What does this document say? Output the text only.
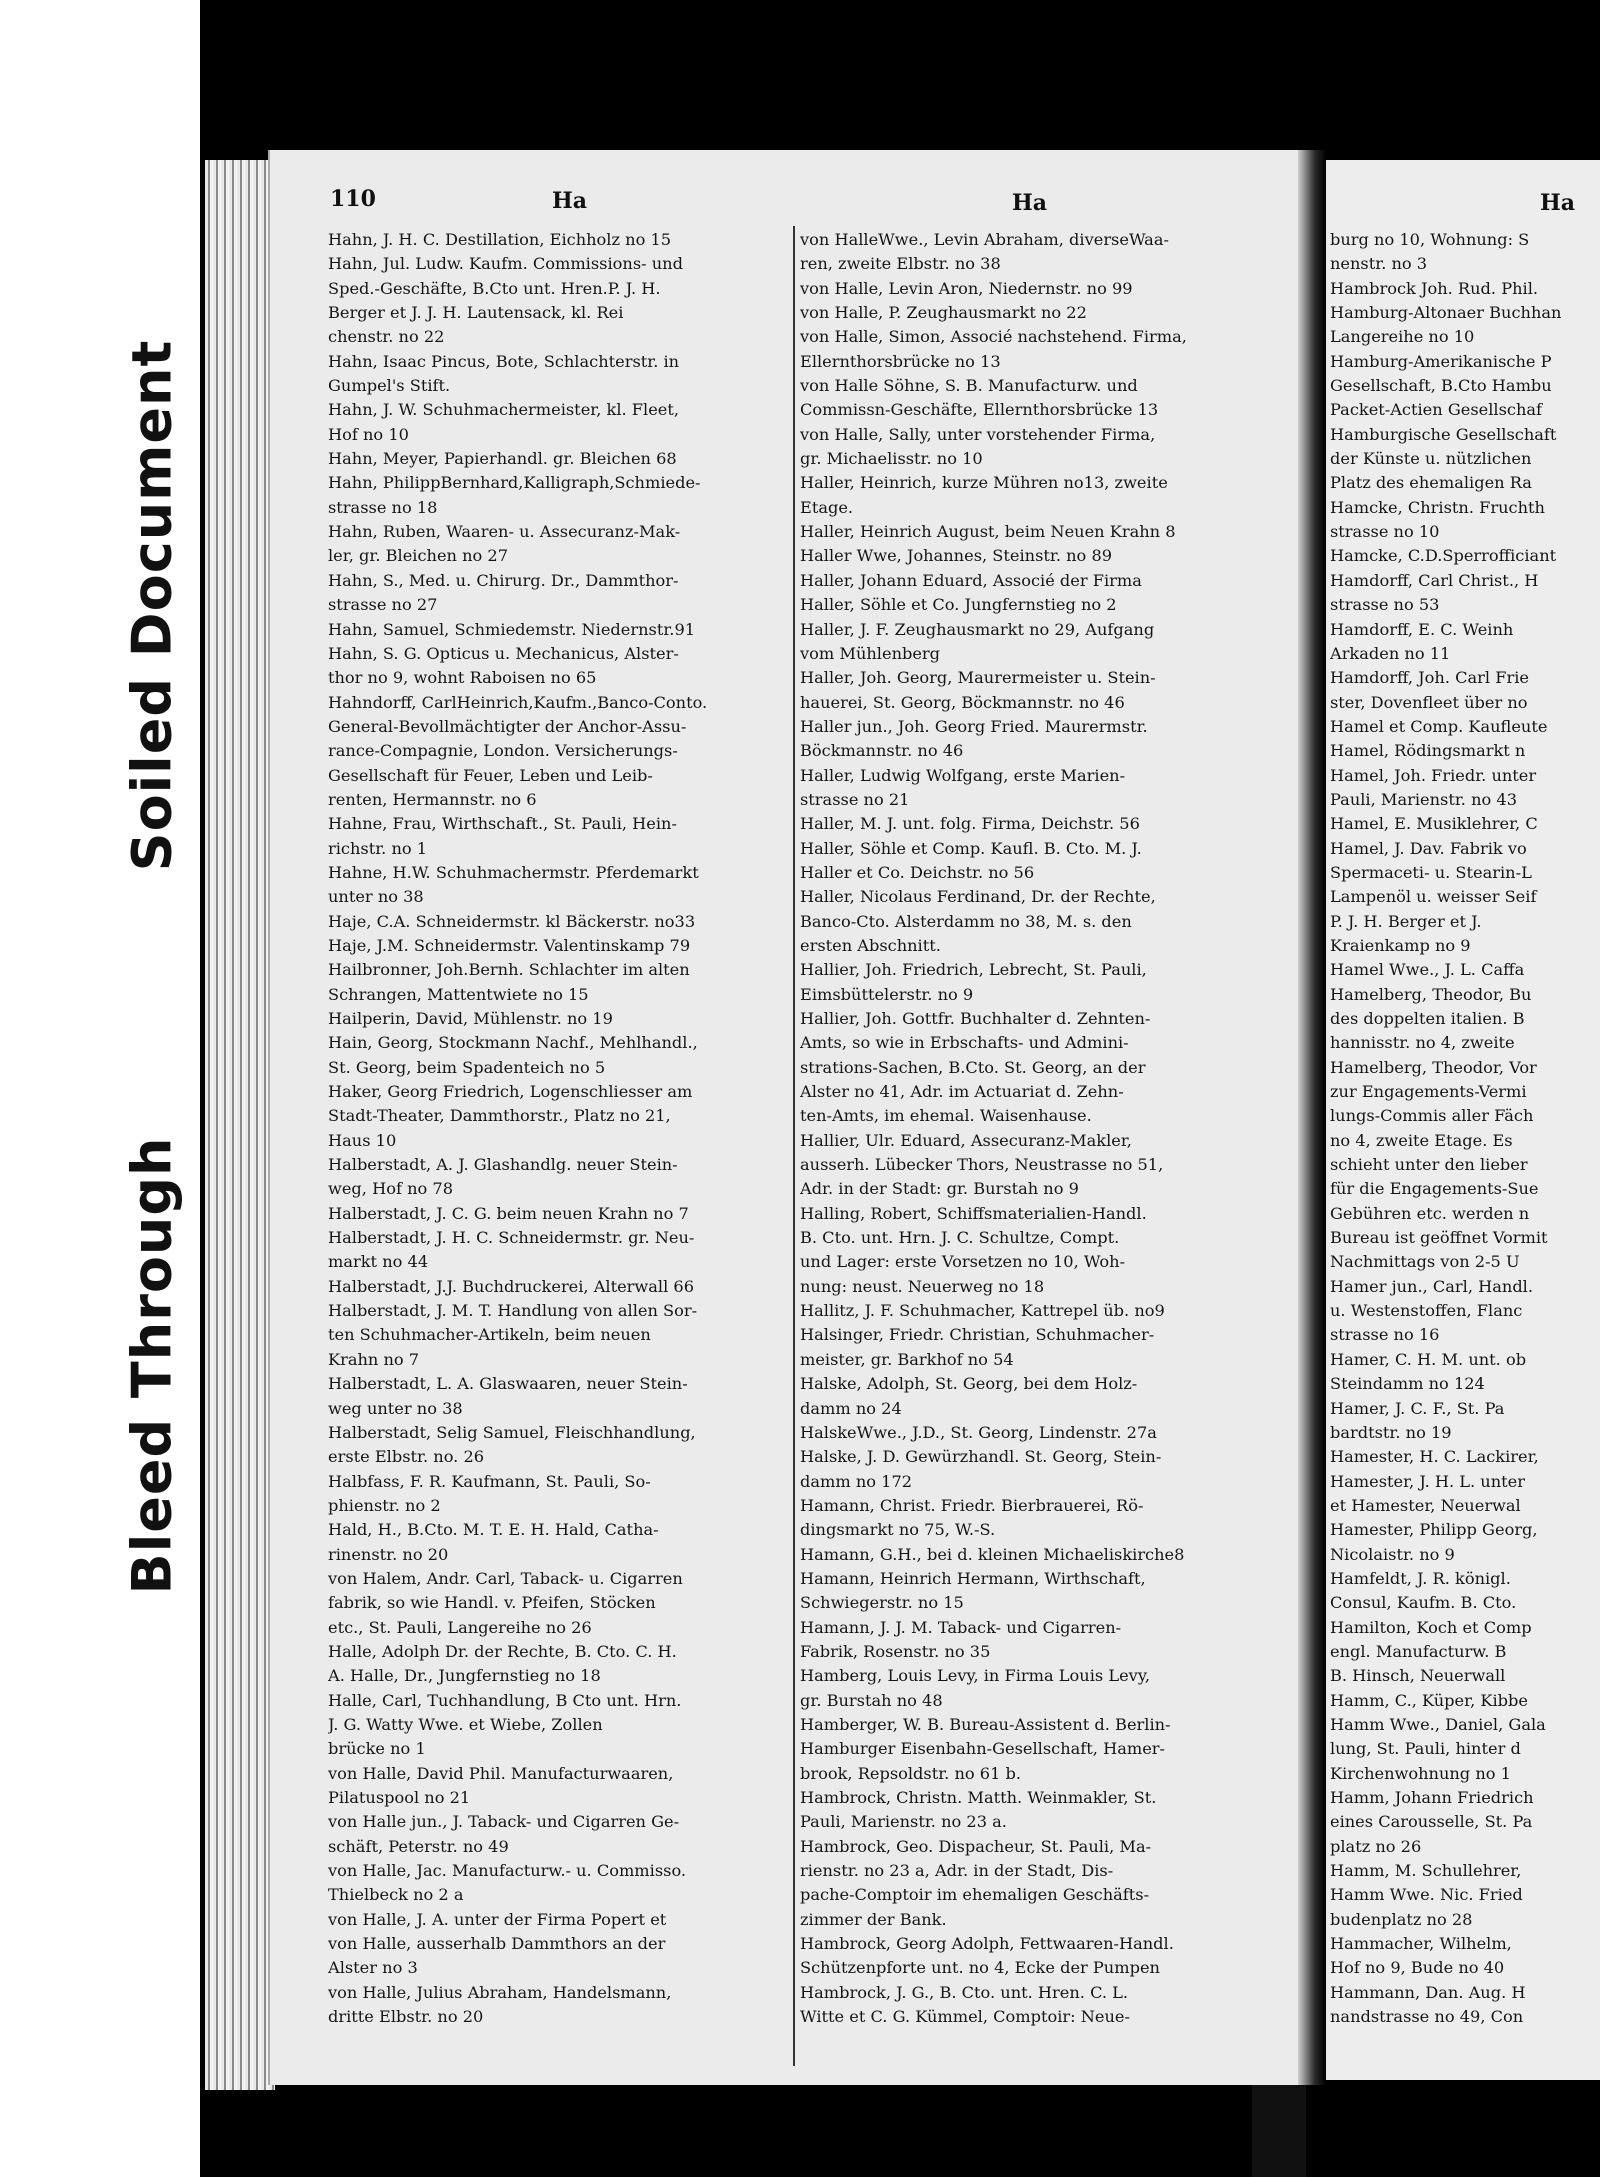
Soiled Document
Bleed Through
110	Ha	Ha	Ha
Hahn, J. H. C. Destillation, Eichholz no 15
Hahn, Jul. Ludw. Kaufm. Commissions- und
Sped.-Geschäfte, B.Cto unt. Hren.P. J. H.
Berger et J. J. H. Lautensack, kl. Rei
chenstr. no 22
Hahn, Isaac Pincus, Bote, Schlachterstr. in
Gumpel's Stift.
Hahn, J. W. Schuhmachermeister, kl. Fleet,
Hof no 10
Hahn, Meyer, Papierhandl. gr. Bleichen 68
Hahn, PhilippBernhard,Kalligraph,Schmiede-
strasse no 18
Hahn, Ruben, Waaren- u. Assecuranz-Mak-
ler, gr. Bleichen no 27
Hahn, S., Med. u. Chirurg. Dr., Dammthor-
strasse no 27
Hahn, Samuel, Schmiedemstr. Niedernstr.91
Hahn, S. G. Opticus u. Mechanicus, Alster-
thor no 9, wohnt Raboisen no 65
Hahndorff, CarlHeinrich,Kaufm.,Banco-Conto.
General-Bevollmächtigter der Anchor-Assu-
rance-Compagnie, London. Versicherungs-
Gesellschaft für Feuer, Leben und Leib-
renten, Hermannstr. no 6
Hahne, Frau, Wirthschaft., St. Pauli, Hein-
richstr. no 1
Hahne, H.W. Schuhmachermstr. Pferdemarkt
unter no 38
Haje, C.A. Schneidermstr. kl Bäckerstr. no33
Haje, J.M. Schneidermstr. Valentinskamp 79
Hailbronner, Joh.Bernh. Schlachter im alten
Schrangen, Mattentwiete no 15
Hailperin, David, Mühlenstr. no 19
Hain, Georg, Stockmann Nachf., Mehlhandl.,
St. Georg, beim Spadenteich no 5
Haker, Georg Friedrich, Logenschliesser am
Stadt-Theater, Dammthorstr., Platz no 21,
Haus 10
Halberstadt, A. J. Glashandlg. neuer Stein-
weg, Hof no 78
Halberstadt, J. C. G. beim neuen Krahn no 7
Halberstadt, J. H. C. Schneidermstr. gr. Neu-
markt no 44
Halberstadt, J.J. Buchdruckerei, Alterwall 66
Halberstadt, J. M. T. Handlung von allen Sor-
ten Schuhmacher-Artikeln, beim neuen
Krahn no 7
Halberstadt, L. A. Glaswaaren, neuer Stein-
weg unter no 38
Halberstadt, Selig Samuel, Fleischhandlung,
erste Elbstr. no. 26
Halbfass, F. R. Kaufmann, St. Pauli, So-
phienstr. no 2
Hald, H., B.Cto. M. T. E. H. Hald, Catha-
rinenstr. no 20
von Halem, Andr. Carl, Taback- u. Cigarren
fabrik, so wie Handl. v. Pfeifen, Stöcken
etc., St. Pauli, Langereihe no 26
Halle, Adolph Dr. der Rechte, B. Cto. C. H.
A. Halle, Dr., Jungfernstieg no 18
Halle, Carl, Tuchhandlung, B Cto unt. Hrn.
J. G. Watty Wwe. et Wiebe, Zollen
brücke no 1
von Halle, David Phil. Manufacturwaaren,
Pilatuspool no 21
von Halle jun., J. Taback- und Cigarren Ge-
schäft, Peterstr. no 49
von Halle, Jac. Manufacturw.- u. Commisso.
Thielbeck no 2 a
von Halle, J. A. unter der Firma Popert et
von Halle, ausserhalb Dammthors an der
Alster no 3
von Halle, Julius Abraham, Handelsmann,
dritte Elbstr. no 20
von HalleWwe., Levin Abraham, diverseWaa-
ren, zweite Elbstr. no 38
von Halle, Levin Aron, Niedernstr. no 99
von Halle, P. Zeughausmarkt no 22
von Halle, Simon, Associé nachstehend. Firma,
Ellernthorsbrücke no 13
von Halle Söhne, S. B. Manufacturw. und
Commissn-Geschäfte, Ellernthorsbrücke 13
von Halle, Sally, unter vorstehender Firma,
gr. Michaelisstr. no 10
Haller, Heinrich, kurze Mühren no13, zweite
Etage.
Haller, Heinrich August, beim Neuen Krahn 8
Haller Wwe, Johannes, Steinstr. no 89
Haller, Johann Eduard, Associé der Firma
Haller, Söhle et Co. Jungfernstieg no 2
Haller, J. F. Zeughausmarkt no 29, Aufgang
vom Mühlenberg
Haller, Joh. Georg, Maurermeister u. Stein-
hauerei, St. Georg, Böckmannstr. no 46
Haller jun., Joh. Georg Fried. Maurermstr.
Böckmannstr. no 46
Haller, Ludwig Wolfgang, erste Marien-
strasse no 21
Haller, M. J. unt. folg. Firma, Deichstr. 56
Haller, Söhle et Comp. Kaufl. B. Cto. M. J.
Haller et Co. Deichstr. no 56
Haller, Nicolaus Ferdinand, Dr. der Rechte,
Banco-Cto. Alsterdamm no 38, M. s. den
ersten Abschnitt.
Hallier, Joh. Friedrich, Lebrecht, St. Pauli,
Eimsbüttelerstr. no 9
Hallier, Joh. Gottfr. Buchhalter d. Zehnten-
Amts, so wie in Erbschafts- und Admini-
strations-Sachen, B.Cto. St. Georg, an der
Alster no 41, Adr. im Actuariat d. Zehn-
ten-Amts, im ehemal. Waisenhause.
Hallier, Ulr. Eduard, Assecuranz-Makler,
ausserh. Lübecker Thors, Neustrasse no 51,
Adr. in der Stadt: gr. Burstah no 9
Halling, Robert, Schiffsmaterialien-Handl.
B. Cto. unt. Hrn. J. C. Schultze, Compt.
und Lager: erste Vorsetzen no 10, Woh-
nung: neust. Neuerweg no 18
Hallitz, J. F. Schuhmacher, Kattrepel üb. no9
Halsinger, Friedr. Christian, Schuhmacher-
meister, gr. Barkhof no 54
Halske, Adolph, St. Georg, bei dem Holz-
damm no 24
HalskeWwe., J.D., St. Georg, Lindenstr. 27a
Halske, J. D. Gewürzhandl. St. Georg, Stein-
damm no 172
Hamann, Christ. Friedr. Bierbrauerei, Rö-
dingsmarkt no 75, W.-S.
Hamann, G.H., bei d. kleinen Michaeliskirche8
Hamann, Heinrich Hermann, Wirthschaft,
Schwiegerstr. no 15
Hamann, J. J. M. Taback- und Cigarren-
Fabrik, Rosenstr. no 35
Hamberg, Louis Levy, in Firma Louis Levy,
gr. Burstah no 48
Hamberger, W. B. Bureau-Assistent d. Berlin-
Hamburger Eisenbahn-Gesellschaft, Hamer-
brook, Repsoldstr. no 61 b.
Hambrock, Christn. Matth. Weinmakler, St.
Pauli, Marienstr. no 23 a.
Hambrock, Geo. Dispacheur, St. Pauli, Ma-
rienstr. no 23 a, Adr. in der Stadt, Dis-
pache-Comptoir im ehemaligen Geschäfts-
zimmer der Bank.
Hambrock, Georg Adolph, Fettwaaren-Handl.
Schützenpforte unt. no 4, Ecke der Pumpen
Hambrock, J. G., B. Cto. unt. Hren. C. L.
Witte et C. G. Kümmel, Comptoir: Neue-
burg no 10, Wohnung: S
nenstr. no 3
Hambrock Joh. Rud. Phil.
Hamburg-Altonaer Buchhan
Langereihe no 10
Hamburg-Amerikanische P
Gesellschaft, B.Cto Hambu
Packet-Actien Gesellschaf
Hamburgische Gesellschaft
der Künste u. nützlichen
Platz des ehemaligen Ra
Hamcke, Christn. Fruchth
strasse no 10
Hamcke, C.D.Sperrofficiant
Hamdorff, Carl Christ., H
strasse no 53
Hamdorff, E. C. Weinh
Arkaden no 11
Hamdorff, Joh. Carl Frie
ster, Dovenfleet über no
Hamel et Comp. Kaufleute
Hamel, Rödingsmarkt n
Hamel, Joh. Friedr. unter
Pauli, Marienstr. no 43
Hamel, E. Musiklehrer, C
Hamel, J. Dav. Fabrik vo
Spermaceti- u. Stearin-L
Lampenöl u. weisser Seif
P. J. H. Berger et J.
Kraienkamp no 9
Hamel Wwe., J. L. Caffa
Hamelberg, Theodor, Bu
des doppelten italien. B
hannisstr. no 4, zweite
Hamelberg, Theodor, Vor
zur Engagements-Vermi
lungs-Commis aller Fäch
no 4, zweite Etage. Es
schieht unter den lieber
für die Engagements-Sue
Gebühren etc. werden n
Bureau ist geöffnet Vormit
Nachmittags von 2-5 U
Hamer jun., Carl, Handl.
u. Westenstoffen, Flanc
strasse no 16
Hamer, C. H. M. unt. ob
Steindamm no 124
Hamer, J. C. F., St. Pa
bardtstr. no 19
Hamester, H. C. Lackirer,
Hamester, J. H. L. unter
et Hamester, Neuerwal
Hamester, Philipp Georg,
Nicolaistr. no 9
Hamfeldt, J. R. königl.
Consul, Kaufm. B. Cto.
Hamilton, Koch et Comp
engl. Manufacturw. B
B. Hinsch, Neuerwall
Hamm, C., Küper, Kibbe
Hamm Wwe., Daniel, Gala
lung, St. Pauli, hinter d
Kirchenwohnung no 1
Hamm, Johann Friedrich
eines Carousselle, St. Pa
platz no 26
Hamm, M. Schullehrer,
Hamm Wwe. Nic. Fried
budenplatz no 28
Hammacher, Wilhelm,
Hof no 9, Bude no 40
Hammann, Dan. Aug. H
nandstrasse no 49, Con
